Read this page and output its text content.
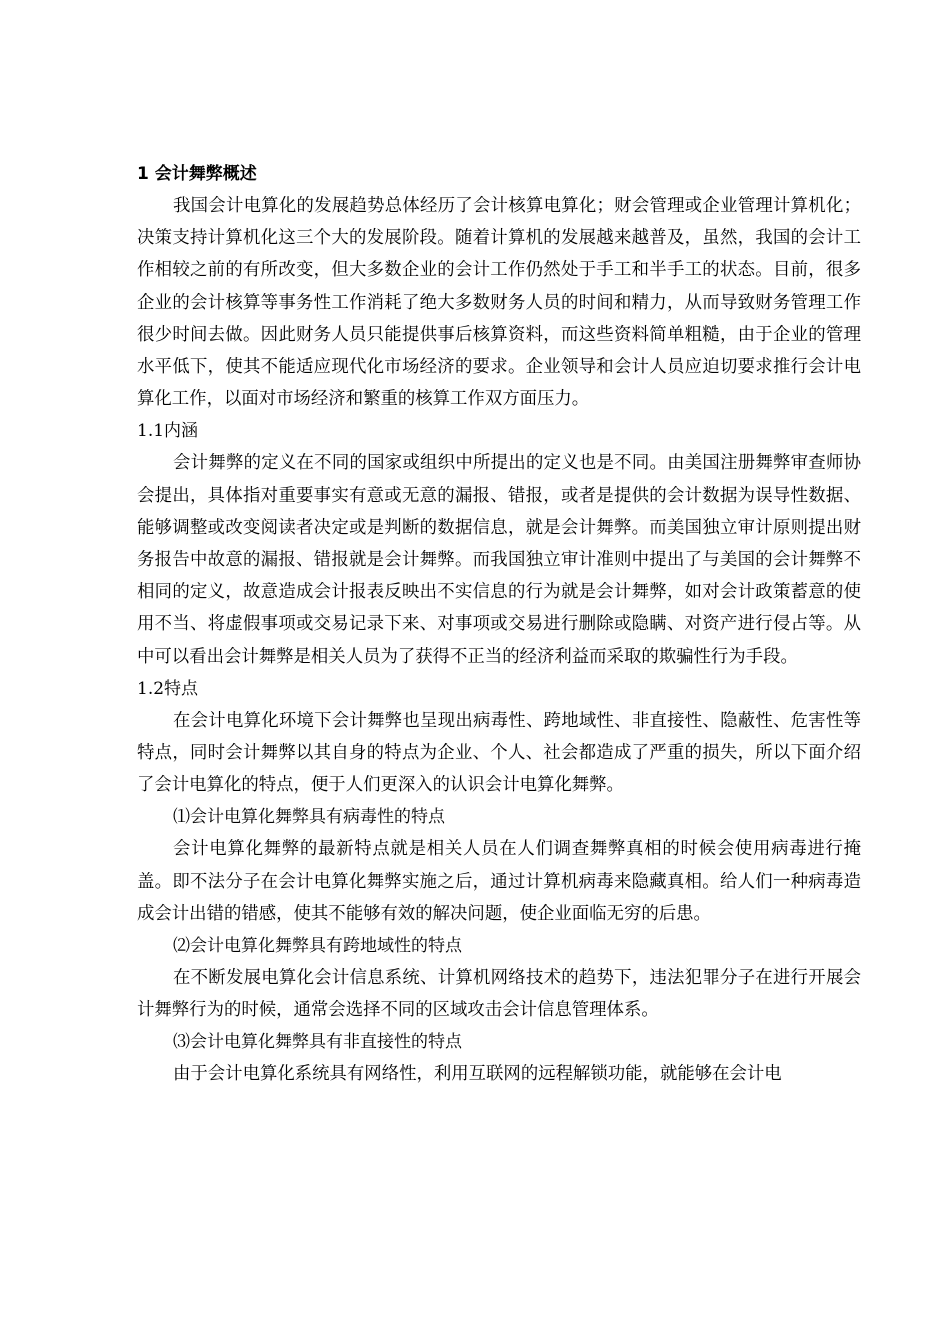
1 会计舞弊概述

我国会计电算化的发展趋势总体经历了会计核算电算化；财会管理或企业管理计算机化；决策支持计算机化这三个大的发展阶段。随着计算机的发展越来越普及，虽然，我国的会计工作相较之前的有所改变，但大多数企业的会计工作仍然处于手工和半手工的状态。目前，很多企业的会计核算等事务性工作消耗了绝大多数财务人员的时间和精力，从而导致财务管理工作很少时间去做。因此财务人员只能提供事后核算资料，而这些资料简单粗糙，由于企业的管理水平低下，使其不能适应现代化市场经济的要求。企业领导和会计人员应迫切要求推行会计电算化工作，以面对市场经济和繁重的核算工作双方面压力。

1.1内涵

会计舞弊的定义在不同的国家或组织中所提出的定义也是不同。由美国注册舞弊审查师协会提出，具体指对重要事实有意或无意的漏报、错报，或者是提供的会计数据为误导性数据、能够调整或改变阅读者决定或是判断的数据信息，就是会计舞弊。而美国独立审计原则提出财务报告中故意的漏报、错报就是会计舞弊。而我国独立审计准则中提出了与美国的会计舞弊不相同的定义，故意造成会计报表反映出不实信息的行为就是会计舞弊，如对会计政策蓄意的使用不当、将虚假事项或交易记录下来、对事项或交易进行删除或隐瞒、对资产进行侵占等。从中可以看出会计舞弊是相关人员为了获得不正当的经济利益而采取的欺骗性行为手段。

1.2特点

在会计电算化环境下会计舞弊也呈现出病毒性、跨地域性、非直接性、隐蔽性、危害性等特点，同时会计舞弊以其自身的特点为企业、个人、社会都造成了严重的损失，所以下面介绍了会计电算化的特点，便于人们更深入的认识会计电算化舞弊。

⑴会计电算化舞弊具有病毒性的特点

会计电算化舞弊的最新特点就是相关人员在人们调查舞弊真相的时候会使用病毒进行掩盖。即不法分子在会计电算化舞弊实施之后，通过计算机病毒来隐藏真相。给人们一种病毒造成会计出错的错感，使其不能够有效的解决问题，使企业面临无穷的后患。

⑵会计电算化舞弊具有跨地域性的特点

在不断发展电算化会计信息系统、计算机网络技术的趋势下，违法犯罪分子在进行开展会计舞弊行为的时候，通常会选择不同的区域攻击会计信息管理体系。

⑶会计电算化舞弊具有非直接性的特点

由于会计电算化系统具有网络性，利用互联网的远程解锁功能，就能够在会计电
